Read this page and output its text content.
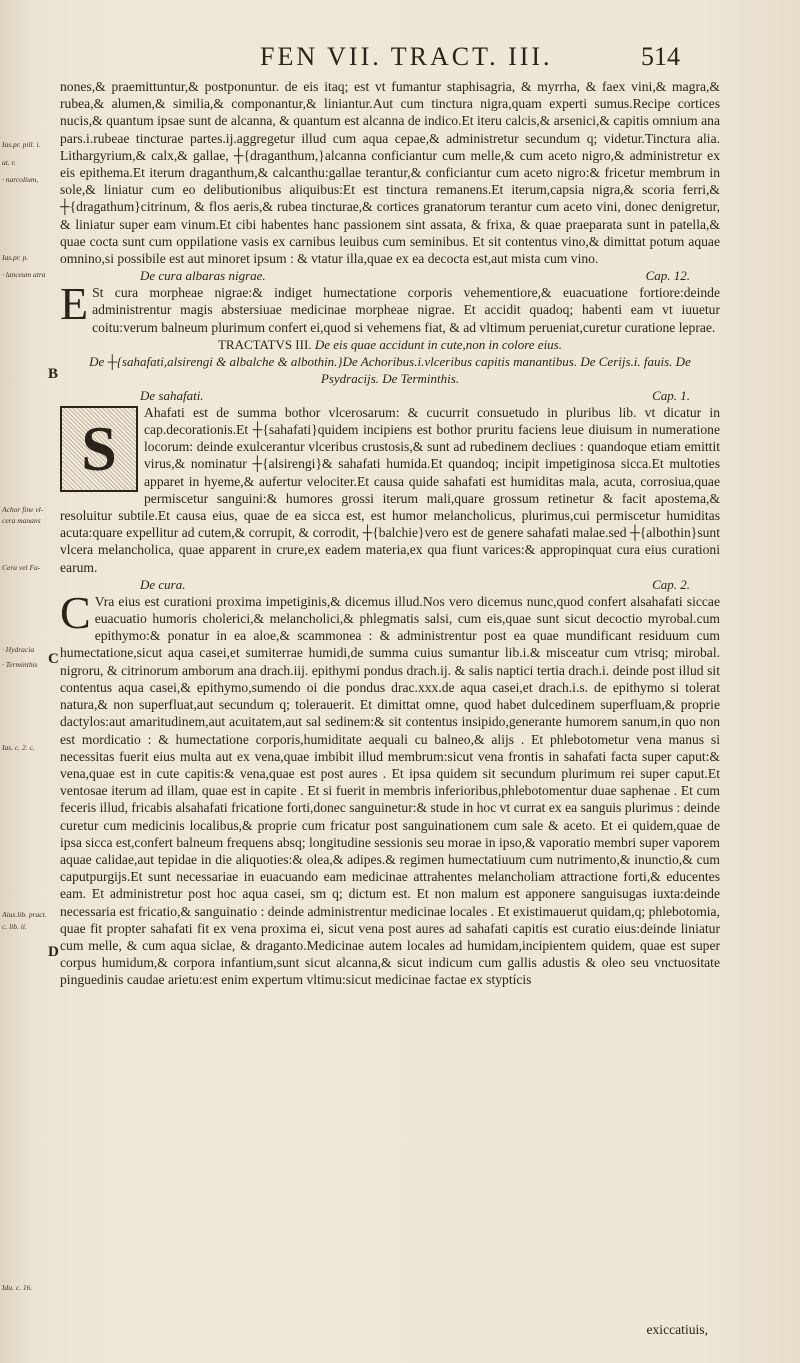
FEN VII. TRACT. III.	514
Ias.pr. pill. i.
at. r.
· narcolium,
Ias.pr. p.
· lanceum atra
Achor fine vl-
cera manans
Cera vel Fa-
· Hydracia
· Terminthis
Ias. c. 2. c.
Aius.lib. pract.
c. lib. ii.
Idu. c. 16.
B
C
D

nones,& praemittuntur,& postponuntur. de eis itaq; est vt fumantur staphisagria, & myrrha, & faex vini,& magra,& rubea,& alumen,& similia,& componantur,& liniantur.Aut cum tinctura nigra,quam experti sumus.Recipe cortices nucis,& quantum ipsae sunt de alcanna, & quantum est alcanna de indico.Et iteru calcis,& arsenici,& capitis omnium ana pars.i.rubeae tincturae partes.ij.aggregetur illud cum aqua cepae,& administretur secundum q; videtur.Tinctura alia. Lithargyrium,& calx,& gallae, ┼{draganthum,}alcanna conficiantur cum melle,& cum aceto nigro,& administretur ex eis epithema.Et iterum draganthum,& calcanthu:gallae terantur,& conficiantur cum aceto nigro:& fricetur membrum in sole,& liniatur cum eo delibutionibus aliquibus:Et est tinctura remanens.Et iterum,capsia nigra,& scoria ferri,& ┼{dragathum}citrinum, & flos aeris,& rubea tincturae,& cortices granatorum terantur cum aceto vini, donec denigretur, & liniatur super eam vinum.Et cibi habentes hanc passionem sint assata, & frixa, & quae praeparata sunt in patella,& quae cocta sunt cum oppilatione vasis ex carnibus leuibus cum seminibus. Et sit contentus vino,& dimittat potum aquae omnino,si possibile est aut minoret ipsum : & vtatur illa,quae ex ea decocta est,aut mista cum vino.

De cura albaras nigrae.	Cap. 12.

E St cura morpheae nigrae:& indiget humectatione corporis vehementiore,& euacuatione fortiore:deinde administrentur magis abstersiuae medicinae morpheae nigrae. Et accidit quadoq; habenti eam vt iuuetur coitu:verum balneum plurimum confert ei,quod si vehemens fiat, & ad vltimum perueniat,curetur curatione leprae.

TRACTATVS III. De eis quae accidunt in cute,non in colore eius.
De ┼{sahafati,alsirengi & albalche & albothin.}De Achoribus.i.vlceribus capitis manantibus. De Cerijs.i. fauis. De Psydracijs. De Terminthis.
De sahafati.	Cap. 1.

S
Ahafati est de summa bothor vlcerosarum: & cucurrit consuetudo in pluribus lib. vt dicatur in cap.decorationis.Et ┼{sahafati}quidem incipiens est bothor pruritu faciens leue diuisum in numeratione locorum: deinde exulcerantur vlceribus crustosis,& sunt ad rubedinem decliues : quandoque etiam emittit virus,& nominatur ┼{alsirengi}& sahafati humida.Et quandoq; incipit impetiginosa sicca.Et multoties apparet in hyeme,& aufertur velociter.Et causa quide sahafati est humiditas mala, acuta, corrosiua,quae permiscetur sanguini:& humores grossi iterum mali,quare grossum retinetur & facit apostema,& resoluitur subtile.Et causa eius, quae de ea sicca est, est humor melancholicus, plurimus,cui permiscetur humiditas acuta:quare expellitur ad cutem,& corrupit, & corrodit, ┼{balchie}vero est de genere sahafati malae.sed ┼{albothin}sunt vlcera melancholica, quae apparent in crure,ex eadem materia,ex qua fiunt varices:& appropinquat cura eius curationi earum.

De cura.	Cap. 2.

C Vra eius est curationi proxima impetiginis,& dicemus illud.Nos vero dicemus nunc,quod confert alsahafati siccae euacuatio humoris cholerici,& melancholici,& phlegmatis salsi, cum eis,quae sunt sicut decoctio myrobal.cum epithymo:& ponatur in ea aloe,& scammonea : & administrentur post ea quae mundificant residuum cum humectatione,sicut aqua casei,et sumiterrae humidi,de summa cuius sumantur lib.i.& misceatur cum vtrisq; mirobal. nigroru, & citrinorum amborum ana drach.iij. epithymi pondus drach.ij. & salis naptici tertia drach.i. deinde post illud sit contentus aqua casei,& epithymo,sumendo oi die pondus drac.xxx.de aqua casei,et drach.i.s. de epithymo si tolerat natura,& non superfluat,aut secundum q; tolerauerit. Et dimittat omne, quod habet dulcedinem superfluam,& proprie dactylos:aut amaritudinem,aut acuitatem,aut sal sedinem:& sit contentus insipido,generante humorem sanum,in quo non est mordicatio : & humectatione corporis,humiditate aequali cu balneo,& alijs . Et phlebotometur vena manus si necessitas fuerit eius multa aut ex vena,quae imbibit illud membrum:sicut vena frontis in sahafati facta super caput:& vena,quae est in cute capitis:& vena,quae est post aures . Et ipsa quidem sit secundum plurimum rei super caput.Et ventosae iterum ad illam, quae est in capite . Et si fuerit in membris inferioribus,phlebotomentur duae saphenae . Et cum feceris illud, fricabis alsahafati fricatione forti,donec sanguinetur:& stude in hoc vt currat ex ea sanguis plurimus : deinde curetur cum medicinis localibus,& proprie cum fricatur post sanguinationem cum sale & aceto. Et ei quidem,quae de ipsa sicca est,confert balneum frequens absq; longitudine sessionis seu morae in ipso,& vaporatio membri super vaporem aquae calidae,aut tepidae in die aliquoties:& olea,& adipes.& regimen humectatiuum cum nutrimento,& inunctio,& cum caputpurgijs.Et sunt necessariae in euacuando eam medicinae attrahentes melancholiam attractione forti,& educentes eam. Et administretur post hoc aqua casei, sm q; dictum est. Et non malum est apponere sanguisugas iuxta:deinde necessaria est fricatio,& sanguinatio : deinde administrentur medicinae locales . Et existimauerut quidam,q; phlebotomia, quae fit propter sahafati fit ex vena proxima ei, sicut vena post aures ad sahafati capitis est curatio eius:deinde liniatur cum melle, & cum aqua siclae, & draganto.Medicinae autem locales ad humidam,incipientem quidem, quae est super corpus humidum,& corpora infantium,sunt sicut alcanna,& sicut indicum cum gallis adustis & oleo seu vnctuositate pinguedinis caudae arietu:est enim expertum vltimu:sicut medicinae factae ex styptícis

exiccatiuis,
